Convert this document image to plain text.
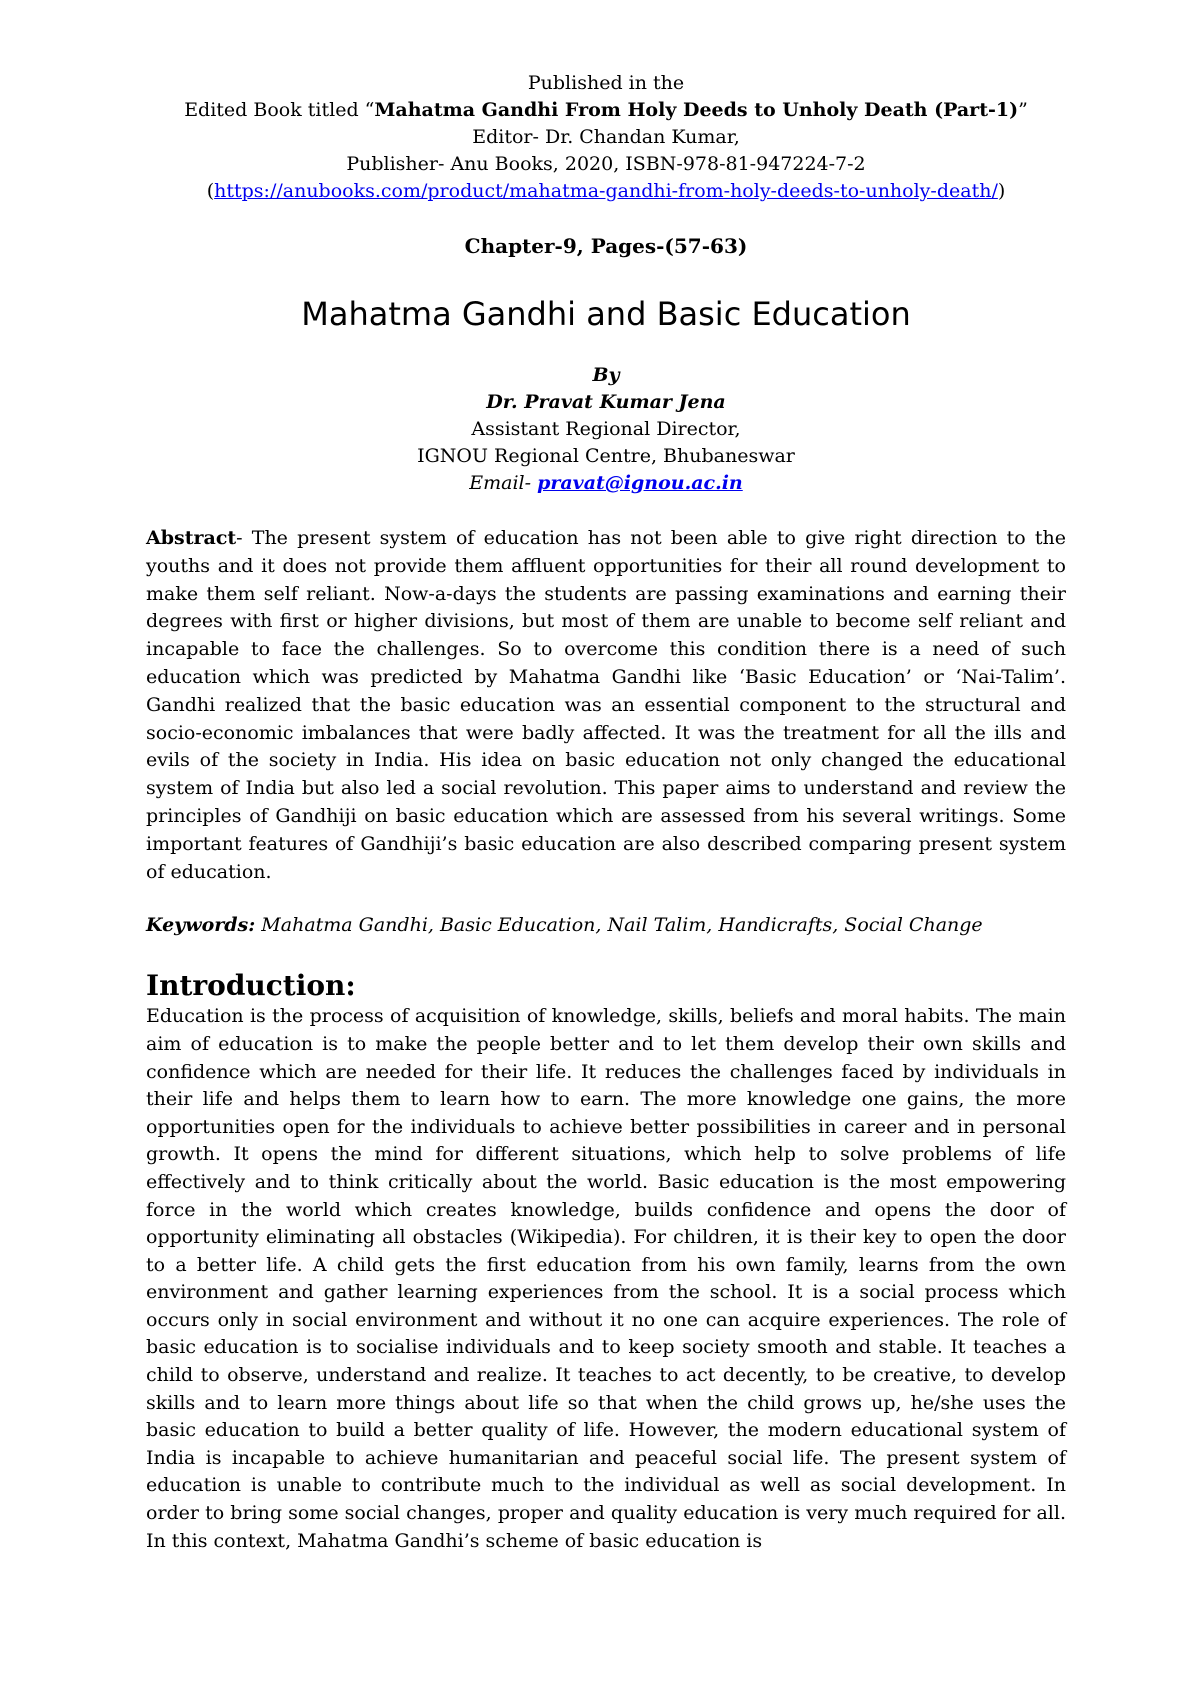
Published in the

Edited Book titled “Mahatma Gandhi From Holy Deeds to Unholy Death (Part-1)”

Editor- Dr. Chandan Kumar,

Publisher- Anu Books, 2020, ISBN-978-81-947224-7-2

(https://anubooks.com/product/mahatma-gandhi-from-holy-deeds-to-unholy-death/)

Chapter-9, Pages-(57-63)
Mahatma Gandhi and Basic Education
By
Dr. Pravat Kumar Jena
Assistant Regional Director,
IGNOU Regional Centre, Bhubaneswar
Email- pravat@ignou.ac.in

Abstract- The present system of education has not been able to give right direction to the youths and it does not provide them affluent opportunities for their all round development to make them self reliant. Now-a-days the students are passing examinations and earning their degrees with first or higher divisions, but most of them are unable to become self reliant and incapable to face the challenges. So to overcome this condition there is a need of such education which was predicted by Mahatma Gandhi like ‘Basic Education’ or ‘Nai-Talim’. Gandhi realized that the basic education was an essential component to the structural and socio-economic imbalances that were badly affected. It was the treatment for all the ills and evils of the society in India. His idea on basic education not only changed the educational system of India but also led a social revolution. This paper aims to understand and review the principles of Gandhiji on basic education which are assessed from his several writings. Some important features of Gandhiji’s basic education are also described comparing present system of education.

Keywords: Mahatma Gandhi, Basic Education, Nail Talim, Handicrafts, Social Change

Introduction:

Education is the process of acquisition of knowledge, skills, beliefs and moral habits. The main aim of education is to make the people better and to let them develop their own skills and confidence which are needed for their life. It reduces the challenges faced by individuals in their life and helps them to learn how to earn. The more knowledge one gains, the more opportunities open for the individuals to achieve better possibilities in career and in personal growth. It opens the mind for different situations, which help to solve problems of life effectively and to think critically about the world. Basic education is the most empowering force in the world which creates knowledge, builds confidence and opens the door of opportunity eliminating all obstacles (Wikipedia). For children, it is their key to open the door to a better life. A child gets the first education from his own family, learns from the own environment and gather learning experiences from the school. It is a social process which occurs only in social environment and without it no one can acquire experiences. The role of basic education is to socialise individuals and to keep society smooth and stable. It teaches a child to observe, understand and realize. It teaches to act decently, to be creative, to develop skills and to learn more things about life so that when the child grows up, he/she uses the basic education to build a better quality of life. However, the modern educational system of India is incapable to achieve humanitarian and peaceful social life. The present system of education is unable to contribute much to the individual as well as social development. In order to bring some social changes, proper and quality education is very much required for all. In this context, Mahatma Gandhi’s scheme of basic education is
